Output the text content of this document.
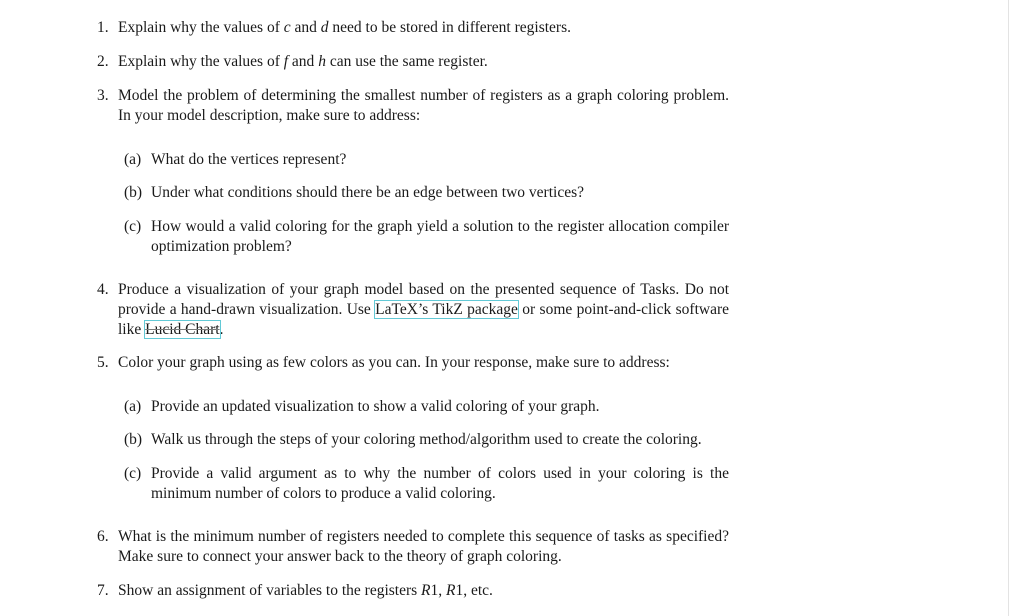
1. Explain why the values of c and d need to be stored in different registers.
2. Explain why the values of f and h can use the same register.
3. Model the problem of determining the smallest number of registers as a graph coloring problem. In your model description, make sure to address:
(a) What do the vertices represent?
(b) Under what conditions should there be an edge between two vertices?
(c) How would a valid coloring for the graph yield a solution to the register allocation compiler optimization problem?
4. Produce a visualization of your graph model based on the presented sequence of Tasks. Do not provide a hand-drawn visualization. Use LaTeX’s TikZ package or some point-and-click software like Lucid Chart.
5. Color your graph using as few colors as you can. In your response, make sure to address:
(a) Provide an updated visualization to show a valid coloring of your graph.
(b) Walk us through the steps of your coloring method/algorithm used to create the coloring.
(c) Provide a valid argument as to why the number of colors used in your coloring is the minimum number of colors to produce a valid coloring.
6. What is the minimum number of registers needed to complete this sequence of tasks as specified? Make sure to connect your answer back to the theory of graph coloring.
7. Show an assignment of variables to the registers R1, R1, etc.
